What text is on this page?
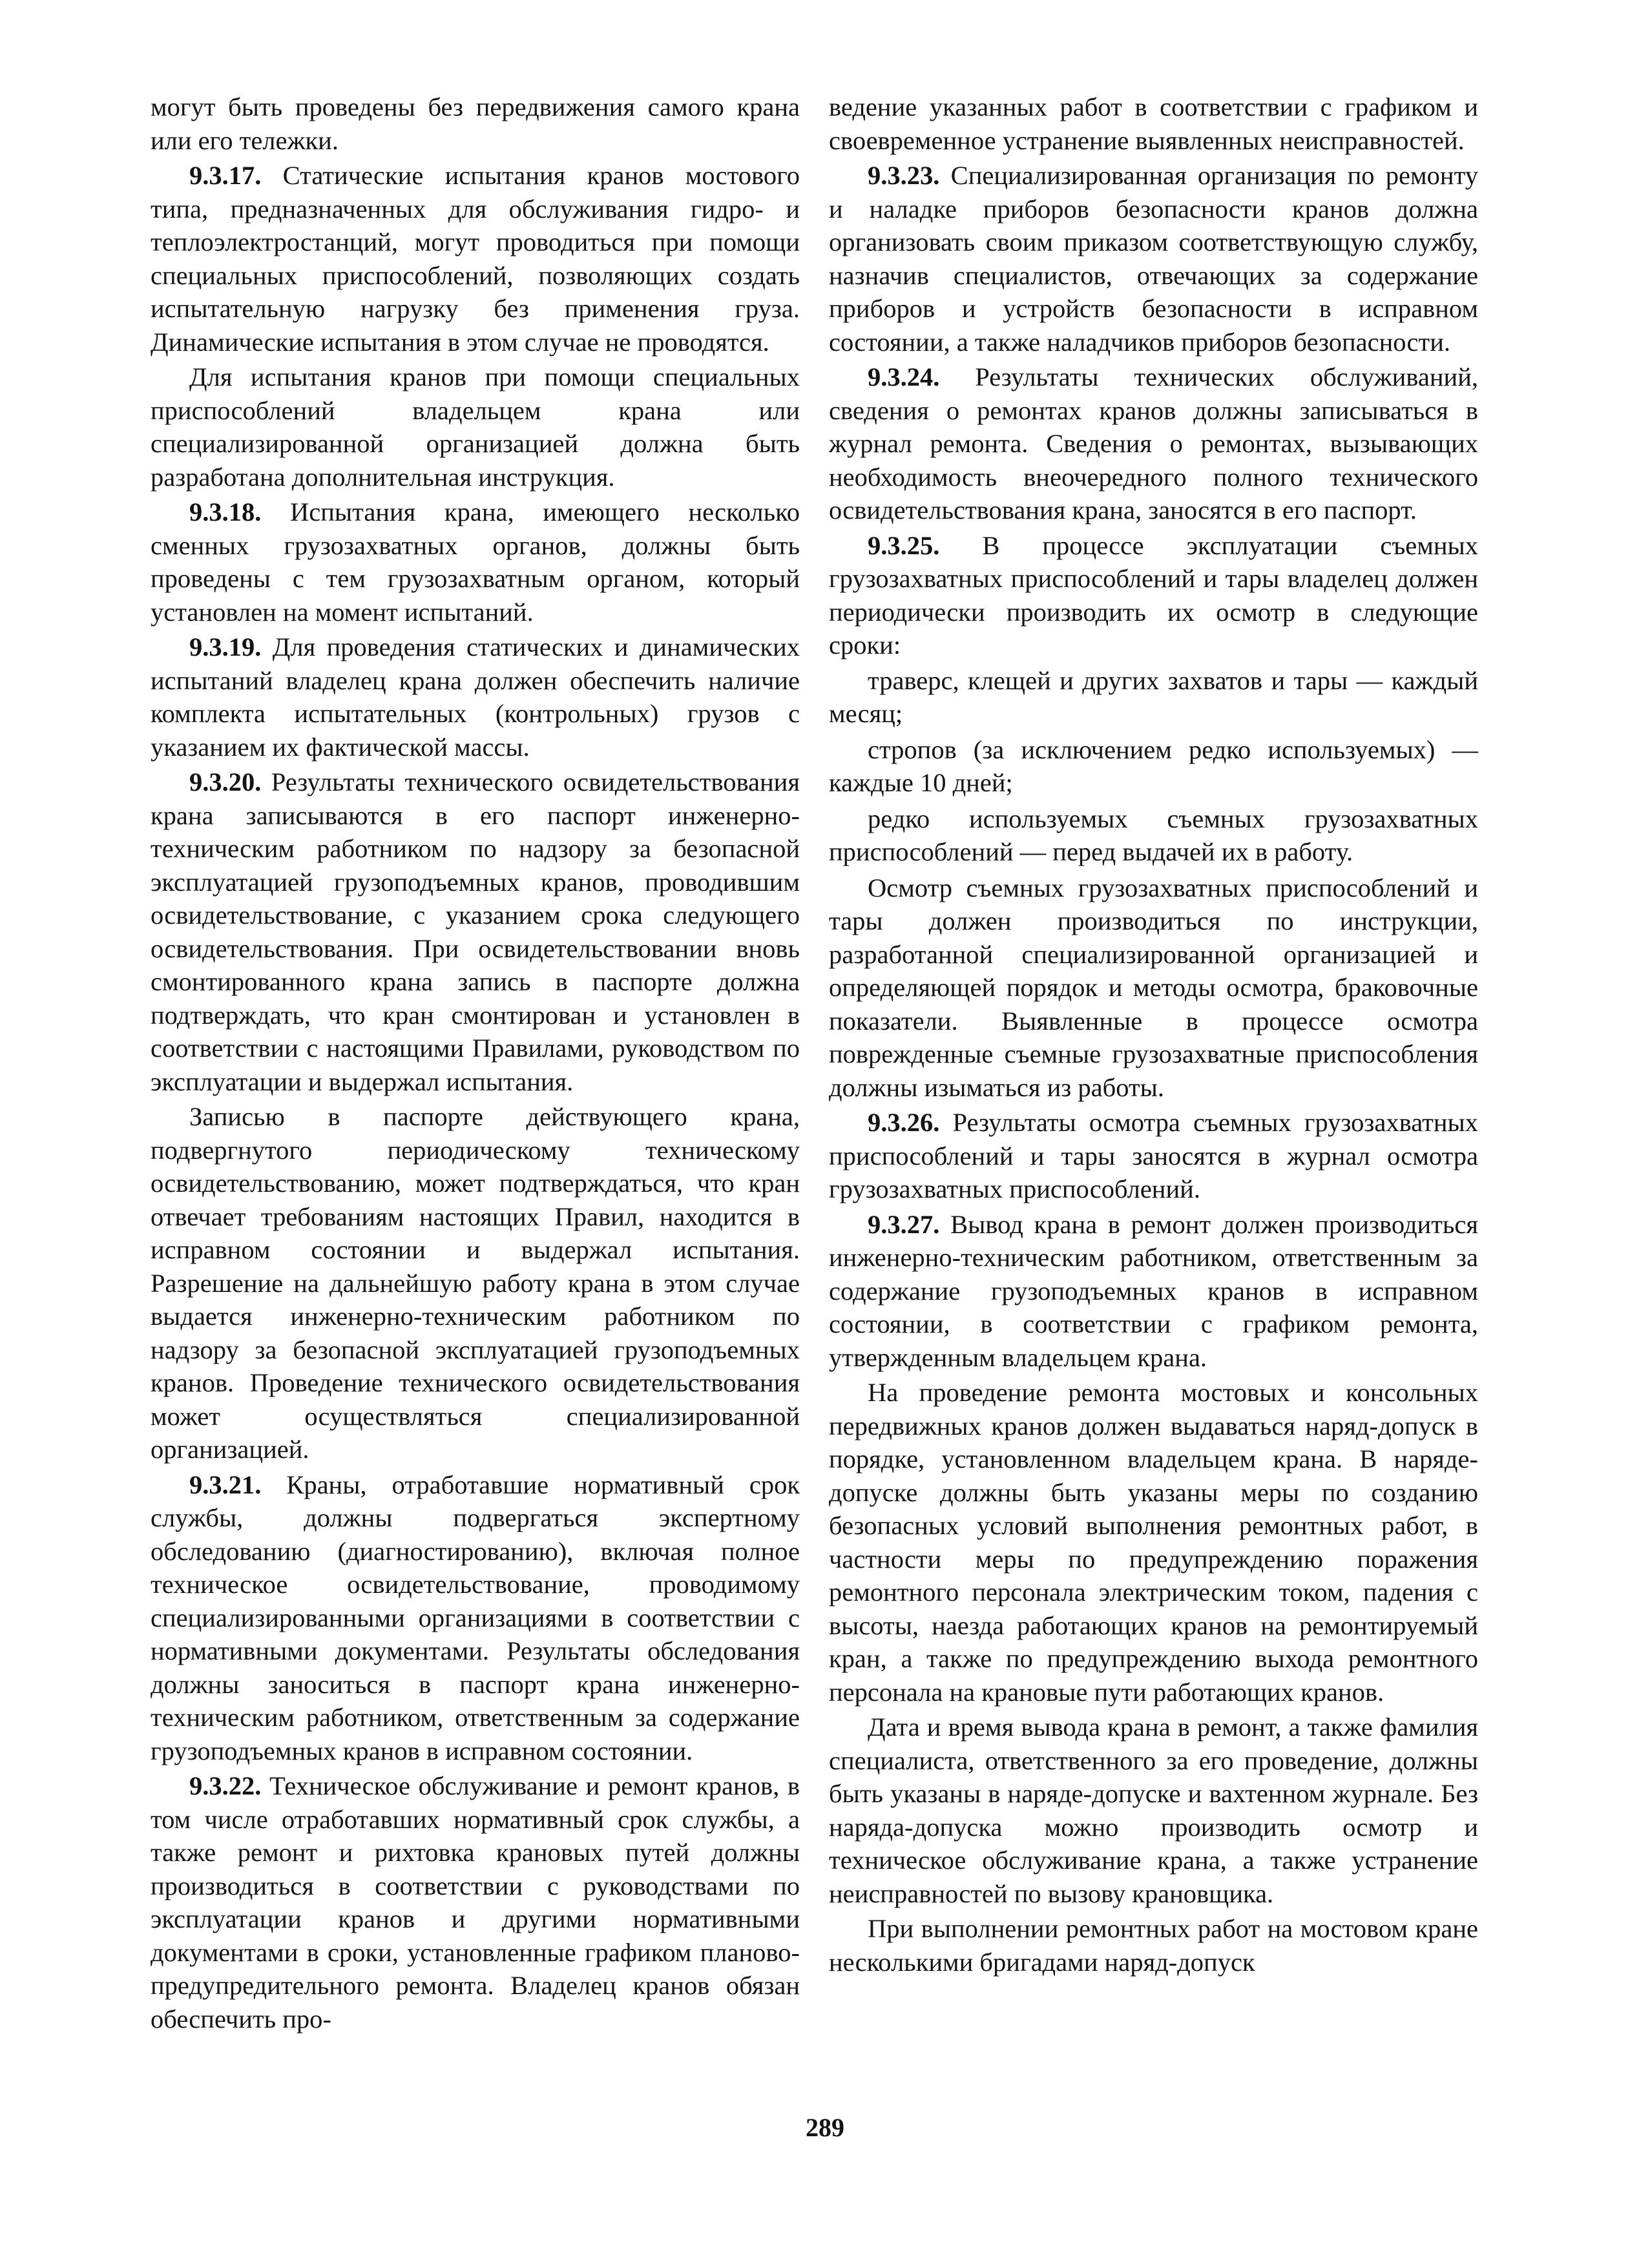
могут быть проведены без передвижения самого крана или его тележки.

9.3.17. Статические испытания кранов мостового типа, предназначенных для обслуживания гидро- и теплоэлектростанций, могут проводиться при помощи специальных приспособлений, позволяющих создать испытательную нагрузку без применения груза. Динамические испытания в этом случае не проводятся.

Для испытания кранов при помощи специальных приспособлений владельцем крана или специализированной организацией должна быть разработана дополнительная инструкция.

9.3.18. Испытания крана, имеющего несколько сменных грузозахватных органов, должны быть проведены с тем грузозахватным органом, который установлен на момент испытаний.

9.3.19. Для проведения статических и динамических испытаний владелец крана должен обеспечить наличие комплекта испытательных (контрольных) грузов с указанием их фактической массы.

9.3.20. Результаты технического освидетельствования крана записываются в его паспорт инженерно-техническим работником по надзору за безопасной эксплуатацией грузоподъемных кранов, проводившим освидетельствование, с указанием срока следующего освидетельствования. При освидетельствовании вновь смонтированного крана запись в паспорте должна подтверждать, что кран смонтирован и установлен в соответствии с настоящими Правилами, руководством по эксплуатации и выдержал испытания.

Записью в паспорте действующего крана, подвергнутого периодическому техническому освидетельствованию, может подтверждаться, что кран отвечает требованиям настоящих Правил, находится в исправном состоянии и выдержал испытания. Разрешение на дальнейшую работу крана в этом случае выдается инженерно-техническим работником по надзору за безопасной эксплуатацией грузоподъемных кранов. Проведение технического освидетельствования может осуществляться специализированной организацией.

9.3.21. Краны, отработавшие нормативный срок службы, должны подвергаться экспертному обследованию (диагностированию), включая полное техническое освидетельствование, проводимому специализированными организациями в соответствии с нормативными документами. Результаты обследования должны заноситься в паспорт крана инженерно-техническим работником, ответственным за содержание грузоподъемных кранов в исправном состоянии.

9.3.22. Техническое обслуживание и ремонт кранов, в том числе отработавших нормативный срок службы, а также ремонт и рихтовка крановых путей должны производиться в соответствии с руководствами по эксплуатации кранов и другими нормативными документами в сроки, установленные графиком планово-предупредительного ремонта. Владелец кранов обязан обеспечить про-

ведение указанных работ в соответствии с графиком и своевременное устранение выявленных неисправностей.

9.3.23. Специализированная организация по ремонту и наладке приборов безопасности кранов должна организовать своим приказом соответствующую службу, назначив специалистов, отвечающих за содержание приборов и устройств безопасности в исправном состоянии, а также наладчиков приборов безопасности.

9.3.24. Результаты технических обслуживаний, сведения о ремонтах кранов должны записываться в журнал ремонта. Сведения о ремонтах, вызывающих необходимость внеочередного полного технического освидетельствования крана, заносятся в его паспорт.

9.3.25. В процессе эксплуатации съемных грузозахватных приспособлений и тары владелец должен периодически производить их осмотр в следующие сроки:

траверс, клещей и других захватов и тары — каждый месяц;

стропов (за исключением редко используемых) — каждые 10 дней;

редко используемых съемных грузозахватных приспособлений — перед выдачей их в работу.

Осмотр съемных грузозахватных приспособлений и тары должен производиться по инструкции, разработанной специализированной организацией и определяющей порядок и методы осмотра, браковочные показатели. Выявленные в процессе осмотра поврежденные съемные грузозахватные приспособления должны изыматься из работы.

9.3.26. Результаты осмотра съемных грузозахватных приспособлений и тары заносятся в журнал осмотра грузозахватных приспособлений.

9.3.27. Вывод крана в ремонт должен производиться инженерно-техническим работником, ответственным за содержание грузоподъемных кранов в исправном состоянии, в соответствии с графиком ремонта, утвержденным владельцем крана.

На проведение ремонта мостовых и консольных передвижных кранов должен выдаваться наряд-допуск в порядке, установленном владельцем крана. В наряде-допуске должны быть указаны меры по созданию безопасных условий выполнения ремонтных работ, в частности меры по предупреждению поражения ремонтного персонала электрическим током, падения с высоты, наезда работающих кранов на ремонтируемый кран, а также по предупреждению выхода ремонтного персонала на крановые пути работающих кранов.

Дата и время вывода крана в ремонт, а также фамилия специалиста, ответственного за его проведение, должны быть указаны в наряде-допуске и вахтенном журнале. Без наряда-допуска можно производить осмотр и техническое обслуживание крана, а также устранение неисправностей по вызову крановщика.

При выполнении ремонтных работ на мостовом кране несколькими бригадами наряд-допуск

289
